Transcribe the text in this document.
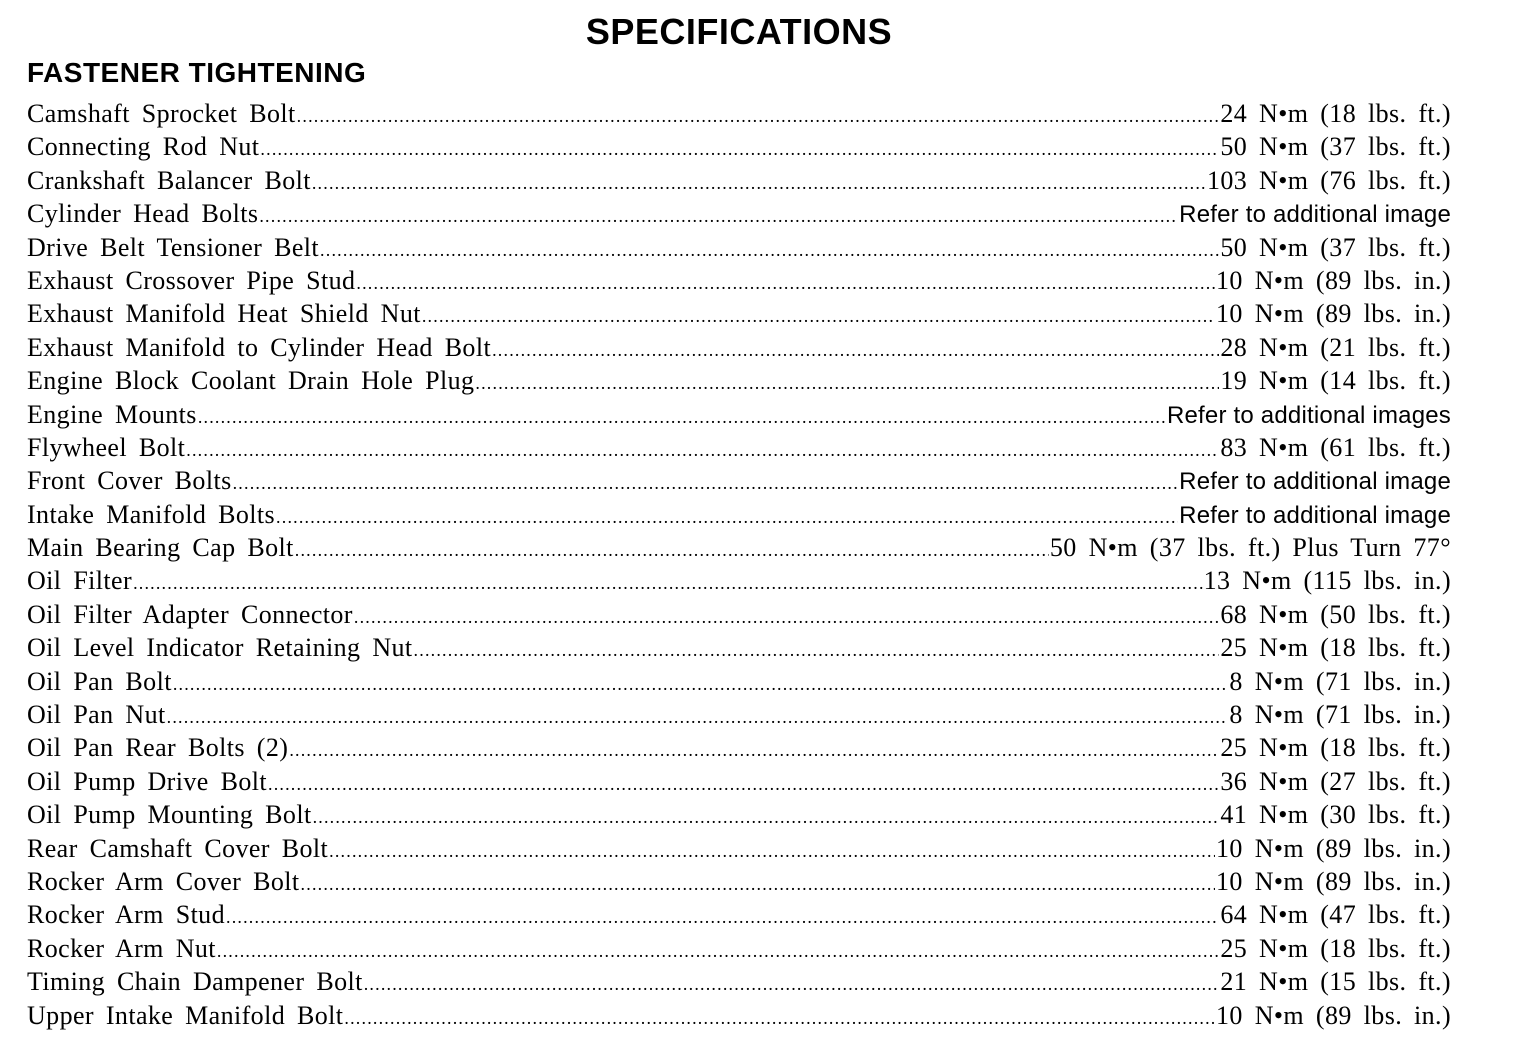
SPECIFICATIONS
FASTENER TIGHTENING
Camshaft Sprocket Bolt .....	24 N•m (18 lbs. ft.)
Connecting Rod Nut .....	50 N•m (37 lbs. ft.)
Crankshaft Balancer Bolt .....	103 N•m (76 lbs. ft.)
Cylinder Head Bolts .....	Refer to additional image
Drive Belt Tensioner Belt .....	50 N•m (37 lbs. ft.)
Exhaust Crossover Pipe Stud .....	10 N•m (89 lbs. in.)
Exhaust Manifold Heat Shield Nut .....	10 N•m (89 lbs. in.)
Exhaust Manifold to Cylinder Head Bolt .....	28 N•m (21 lbs. ft.)
Engine Block Coolant Drain Hole Plug .....	19 N•m (14 lbs. ft.)
Engine Mounts .....	Refer to additional images
Flywheel Bolt .....	83 N•m (61 lbs. ft.)
Front Cover Bolts .....	Refer to additional image
Intake Manifold Bolts .....	Refer to additional image
Main Bearing Cap Bolt .....	50 N•m (37 lbs. ft.) Plus Turn 77°
Oil Filter .....	13 N•m (115 lbs. in.)
Oil Filter Adapter Connector .....	68 N•m (50 lbs. ft.)
Oil Level Indicator Retaining Nut .....	25 N•m (18 lbs. ft.)
Oil Pan Bolt .....	8 N•m (71 lbs. in.)
Oil Pan Nut .....	8 N•m (71 lbs. in.)
Oil Pan Rear Bolts (2) .....	25 N•m (18 lbs. ft.)
Oil Pump Drive Bolt .....	36 N•m (27 lbs. ft.)
Oil Pump Mounting Bolt .....	41 N•m (30 lbs. ft.)
Rear Camshaft Cover Bolt .....	10 N•m (89 lbs. in.)
Rocker Arm Cover Bolt .....	10 N•m (89 lbs. in.)
Rocker Arm Stud .....	64 N•m (47 lbs. ft.)
Rocker Arm Nut .....	25 N•m (18 lbs. ft.)
Timing Chain Dampener Bolt .....	21 N•m (15 lbs. ft.)
Upper Intake Manifold Bolt .....	10 N•m (89 lbs. in.)
